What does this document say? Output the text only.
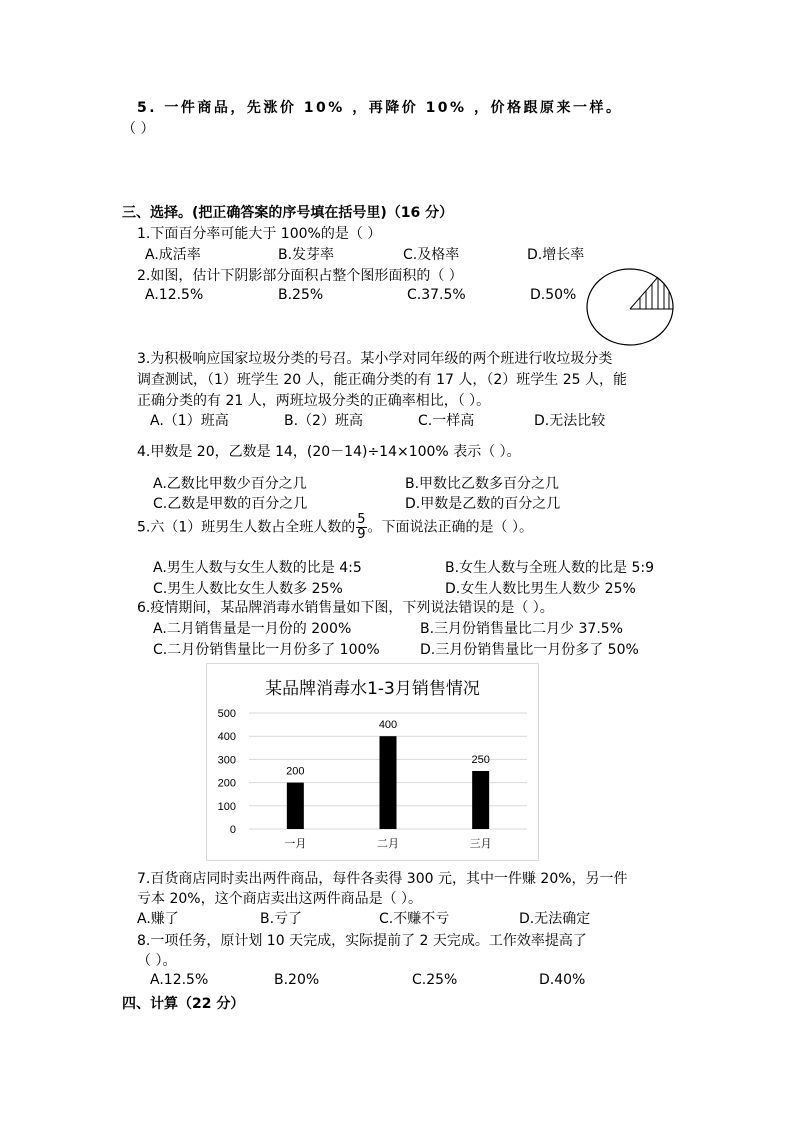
5. 一件商品，先涨价 10% ，再降价 10% ，价格跟原来一样。
（ ）
三、选择。(把正确答案的序号填在括号里)（16 分）
1.下面百分率可能大于 100%的是（ ）
A.成活率	B.发芽率	C.及格率	D.增长率
2.如图，估计下阴影部分面积占整个图形面积的（ ）
A.12.5%	B.25%	C.37.5%	D.50%
3.为积极响应国家垃圾分类的号召。某小学对同年级的两个班进行收垃圾分类
调查测试，（1）班学生 20 人，能正确分类的有 17 人，（2）班学生 25 人，能
正确分类的有 21 人，两班垃圾分类的正确率相比，（ ）。
A.（1）班高	B.（2）班高	C.一样高	D.无法比较
4.甲数是 20，乙数是 14，(20－14)÷14×100% 表示（ ）。
A.乙数比甲数少百分之几	B.甲数比乙数多百分之几
C.乙数是甲数的百分之几	D.甲数是乙数的百分之几
5.六（1）班男生人数占全班人数的 $\frac{5}{9}$ 。下面说法正确的是（ ）。
A.男生人数与女生人数的比是 4:5	B.女生人数与全班人数的比是 5:9
C.男生人数比女生人数多 25%	D.女生人数比男生人数少 25%
6.疫情期间，某品牌消毒水销售量如下图，下列说法错误的是（ ）。
A.二月销售量是一月份的 200%	B.三月份销售量比二月少 37.5%
C.二月份销售量比一月份多了 100%	D.三月份销售量比一月份多了 50%
某品牌消毒水1-3月销售情况
0
100
200
300
400
500
200
一月
400
二月
250
三月
7.百货商店同时卖出两件商品，每件各卖得 300 元，其中一件赚 20%，另一件
亏本 20%，这个商店卖出这两件商品是（ ）。
A.赚了	B.亏了	C.不赚不亏	D.无法确定
8.一项任务，原计划 10 天完成，实际提前了 2 天完成。工作效率提高了
（ ）。
A.12.5%	B.20%	C.25%	D.40%
四、计算（22 分）
